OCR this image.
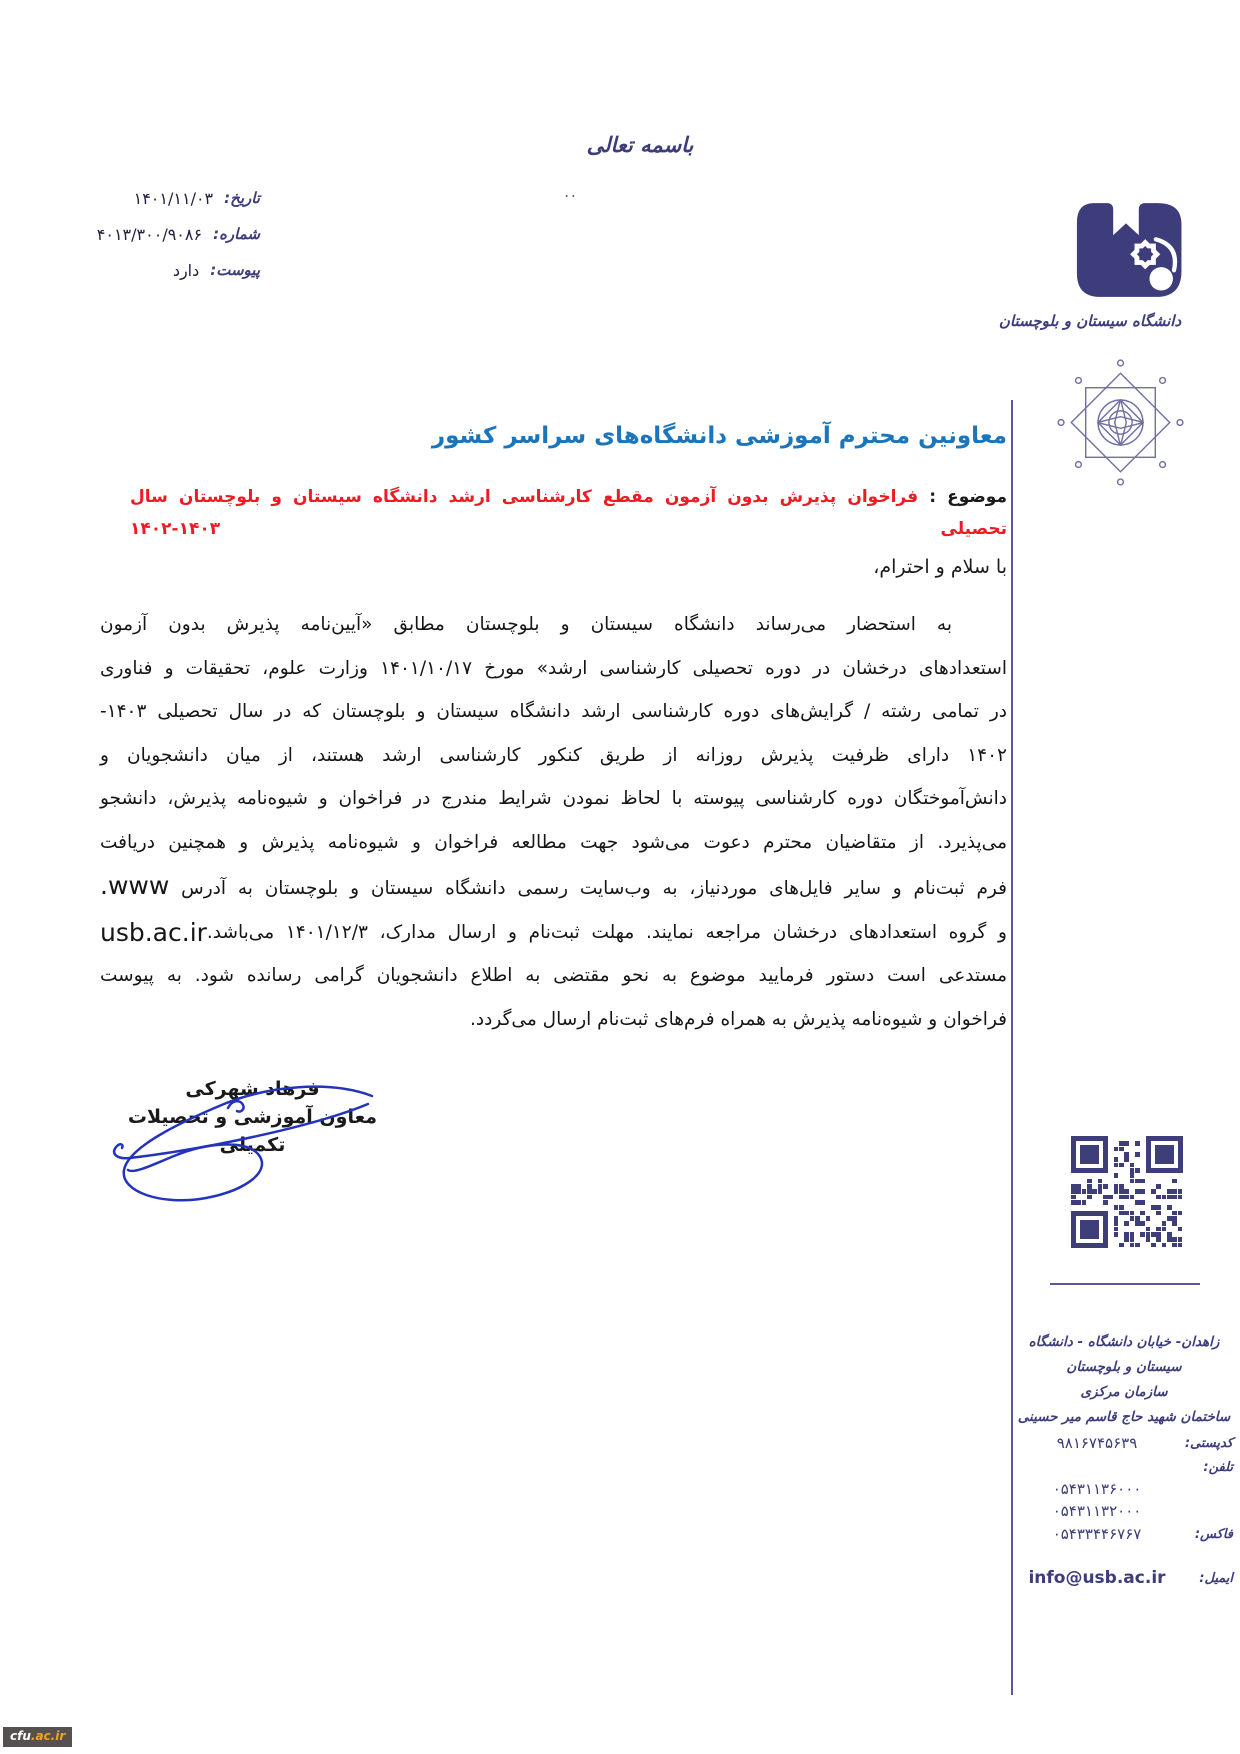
باسمه تعالی
..
تاریخ:
۱۴۰۱/۱۱/۰۳
شماره:
۴۰۱۳/۳۰۰/۹۰۸۶
پیوست:
دارد
دانشگاه سیستان و بلوچستان
معاونین محترم آموزشی دانشگاه‌های سراسر کشور
موضوع : فراخوان پذیرش بدون آزمون مقطع کارشناسی ارشد دانشگاه سیستان و بلوچستان سال تحصیلی ۱۴۰۳-۱۴۰۲
با سلام و احترام،
به استحضار می‌رساند دانشگاه سیستان و بلوچستان مطابق «آیین‌نامه پذیرش بدون آزمون
استعدادهای درخشان در دوره تحصیلی کارشناسی ارشد» مورخ ۱۴۰۱/۱۰/۱۷ وزارت علوم، تحقیقات و فناوری
در تمامی رشته / گرایش‌های دوره کارشناسی ارشد دانشگاه سیستان و بلوچستان که در سال تحصیلی ۱۴۰۳-
۱۴۰۲ دارای ظرفیت پذیرش روزانه از طریق کنکور کارشناسی ارشد هستند، از میان دانشجویان و
دانش‌آموختگان دوره کارشناسی پیوسته با لحاظ نمودن شرایط مندرج در فراخوان و شیوه‌نامه پذیرش، دانشجو
می‌پذیرد. از متقاضیان محترم دعوت می‌شود جهت مطالعه فراخوان و شیوه‌نامه پذیرش و همچنین دریافت
فرم ثبت‌نام و سایر فایل‌های موردنیاز، به وب‌سایت رسمی دانشگاه سیستان و بلوچستان به آدرس www.
usb.ac.ir و گروه استعدادهای درخشان مراجعه نمایند. مهلت ثبت‌نام و ارسال مدارک، ۱۴۰۱/۱۲/۳ می‌باشد.
مستدعی است دستور فرمایید موضوع به نحو مقتضی به اطلاع دانشجویان گرامی رسانده شود. به پیوست
فراخوان و شیوه‌نامه پذیرش به همراه فرم‌های ثبت‌نام ارسال می‌گردد.
فرهاد شهرکی
معاون آموزشی و تحصیلات تکمیلی
زاهدان- خیابان دانشگاه - دانشگاه سیستان و بلوچستان
سازمان مرکزی
ساختمان شهید حاج قاسم میر حسینی
کدپستی:
۹۸۱۶۷۴۵۶۳۹
تلفن:
۰۵۴۳۱۱۳۶۰۰۰
۰۵۴۳۱۱۳۲۰۰۰
فاکس:
۰۵۴۳۳۴۴۶۷۶۷
ایمیل:
info@usb.ac.ir
cfu.ac.ir
